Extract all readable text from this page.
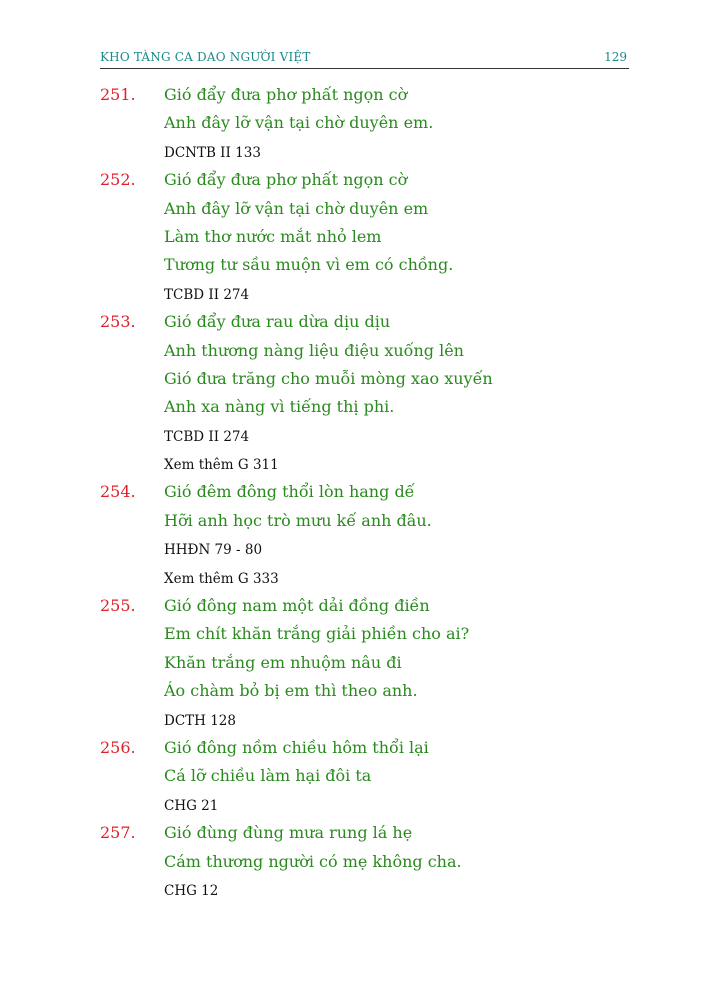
KHO TÀNG CA DAO NGƯỜI VIỆT	129
251. Gió đẩy đưa phơ phất ngọn cờ
Anh đây lỡ vận tại chờ duyên em.
DCNTB II 133
252. Gió đẩy đưa phơ phất ngọn cờ
Anh đây lỡ vận tại chờ duyên em
Làm thơ nước mắt nhỏ lem
Tương tư sầu muộn vì em có chồng.
TCBD II 274
253. Gió đẩy đưa rau dừa dịu dịu
Anh thương nàng liệu điệu xuống lên
Gió đưa trăng cho muỗi mòng xao xuyến
Anh xa nàng vì tiếng thị phi.
TCBD II 274
Xem thêm G 311
254. Gió đêm đông thổi lòn hang dế
Hỡi anh học trò mưu kế anh đâu.
HHĐN 79 - 80
Xem thêm G 333
255. Gió đông nam một dải đồng điền
Em chít khăn trắng giải phiền cho ai?
Khăn trắng em nhuộm nâu đi
Áo chàm bỏ bị em thì theo anh.
DCTH 128
256. Gió đông nồm chiều hôm thổi lại
Cá lỡ chiều làm hại đôi ta
CHG 21
257. Gió đùng đùng mưa rung lá hẹ
Cám thương người có mẹ không cha.
CHG 12
